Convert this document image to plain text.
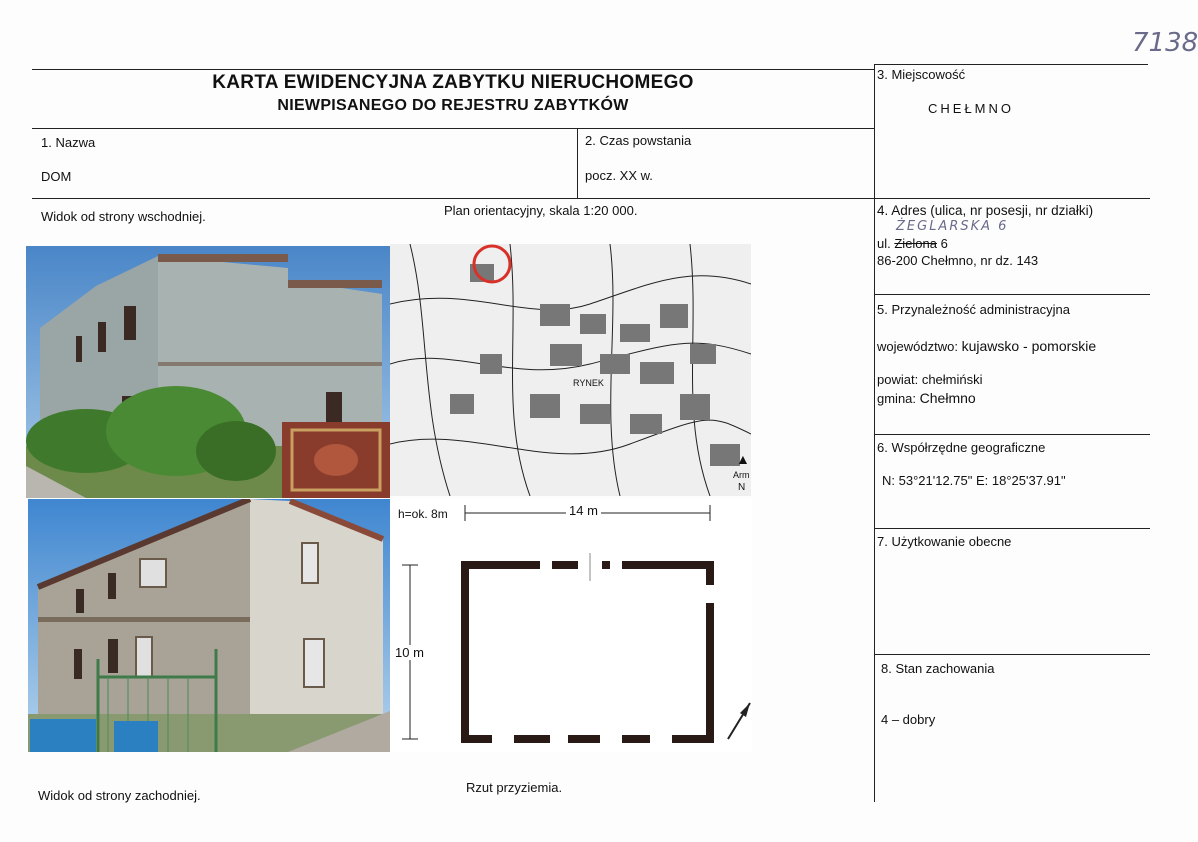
7138
KARTA EWIDENCYJNA ZABYTKU NIERUCHOMEGO
NIEWPISANEGO DO REJESTRU ZABYTKÓW
1. Nazwa
DOM
2. Czas powstania
pocz. XX w.
3. Miejscowość
CHEŁMNO
4. Adres (ulica, nr posesji, nr działki)
ŻEGLARSKA 6
ul. Zielona 6
86-200 Chełmno, nr dz. 143
5. Przynależność administracyjna
województwo: kujawsko - pomorskie
powiat: chełmiński
gmina: Chełmno
6. Współrzędne geograficzne
N: 53°21'12.75" E: 18°25'37.91"
7. Użytkowanie obecne
8. Stan zachowania
4 – dobry
Widok od strony wschodniej.	Plan orientacyjny, skala 1:20 000.
Widok od strony zachodniej.
Rzut przyziemia.
RYNEK
Arm
▲
N
h=ok. 8m	14 m
10 m
